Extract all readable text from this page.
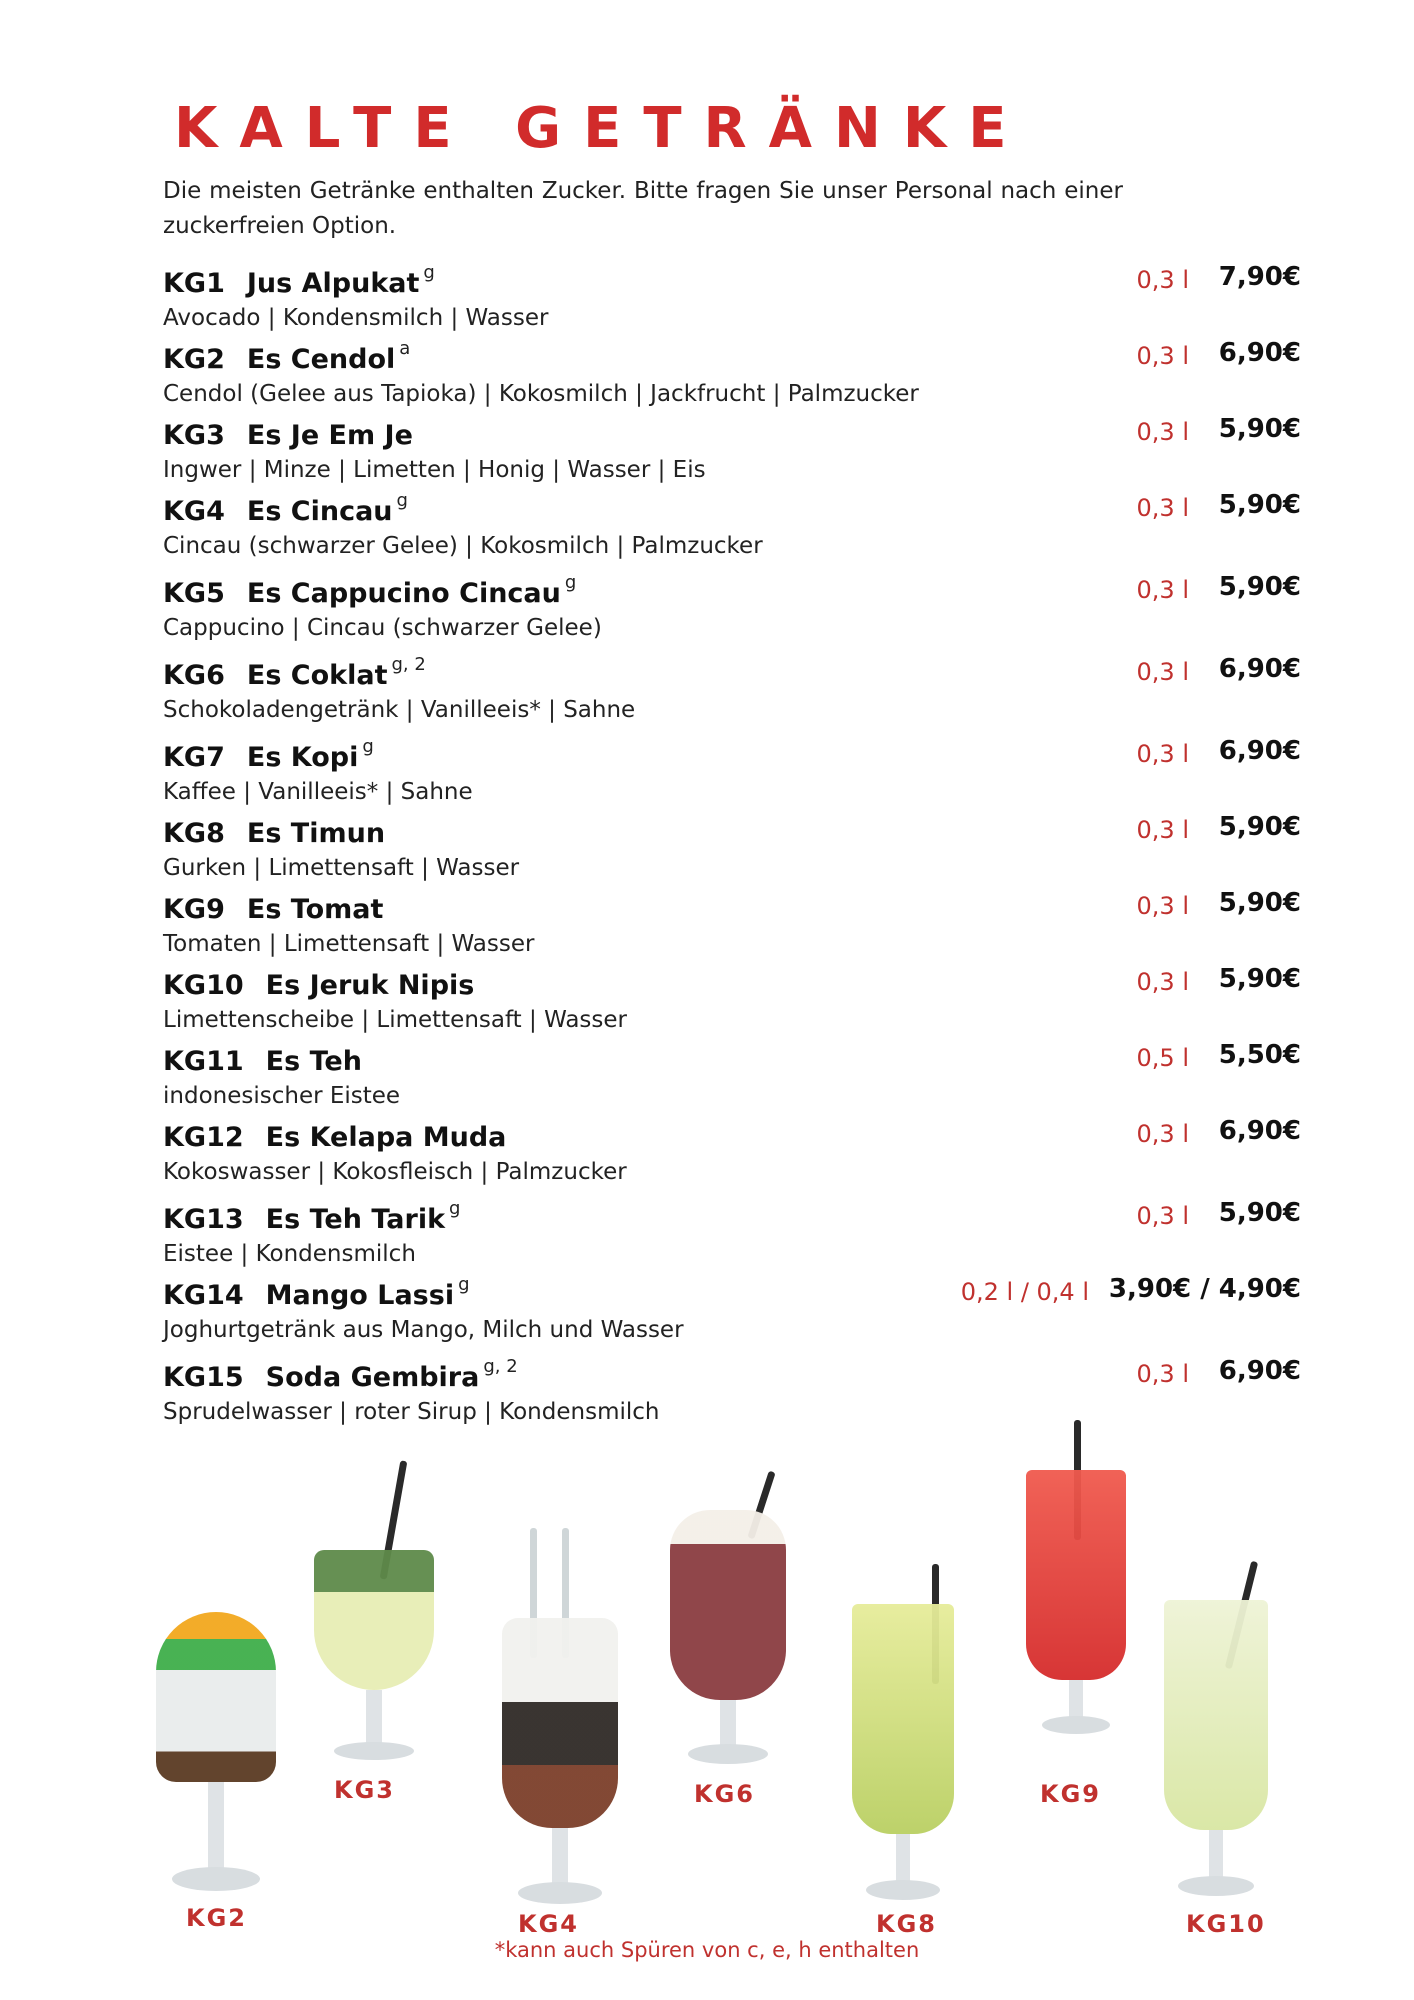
KALTE GETRÄNKE

Die meisten Getränke enthalten Zucker. Bitte fragen Sie unser Personal nach einer zuckerfreien Option.

KG1 Jus Alpukat g	0,3 l 7,90€
Avocado | Kondensmilch | Wasser
KG2 Es Cendol a	0,3 l 6,90€
Cendol (Gelee aus Tapioka) | Kokosmilch | Jackfrucht | Palmzucker
KG3 Es Je Em Je	0,3 l 5,90€
Ingwer | Minze | Limetten | Honig | Wasser | Eis
KG4 Es Cincau g	0,3 l 5,90€
Cincau (schwarzer Gelee) | Kokosmilch | Palmzucker
KG5 Es Cappucino Cincau g	0,3 l 5,90€
Cappucino | Cincau (schwarzer Gelee)
KG6 Es Coklat g, 2	0,3 l 6,90€
Schokoladengetränk | Vanilleeis* | Sahne
KG7 Es Kopi g	0,3 l 6,90€
Kaffee | Vanilleeis* | Sahne
KG8 Es Timun	0,3 l 5,90€
Gurken | Limettensaft | Wasser
KG9 Es Tomat	0,3 l 5,90€
Tomaten | Limettensaft | Wasser
KG10 Es Jeruk Nipis	0,3 l 5,90€
Limettenscheibe | Limettensaft | Wasser
KG11 Es Teh	0,5 l 5,50€
indonesischer Eistee
KG12 Es Kelapa Muda	0,3 l 6,90€
Kokoswasser | Kokosfleisch | Palmzucker
KG13 Es Teh Tarik g	0,3 l 5,90€
Eistee | Kondensmilch
KG14 Mango Lassi g	0,2 l / 0,4 l 3,90€ / 4,90€
Joghurtgetränk aus Mango, Milch und Wasser
KG15 Soda Gembira g, 2	0,3 l 6,90€
Sprudelwasser | roter Sirup | Kondensmilch
KG2
KG3
KG4
KG6
KG8
KG9
KG10
*kann auch Spüren von c, e, h enthalten
